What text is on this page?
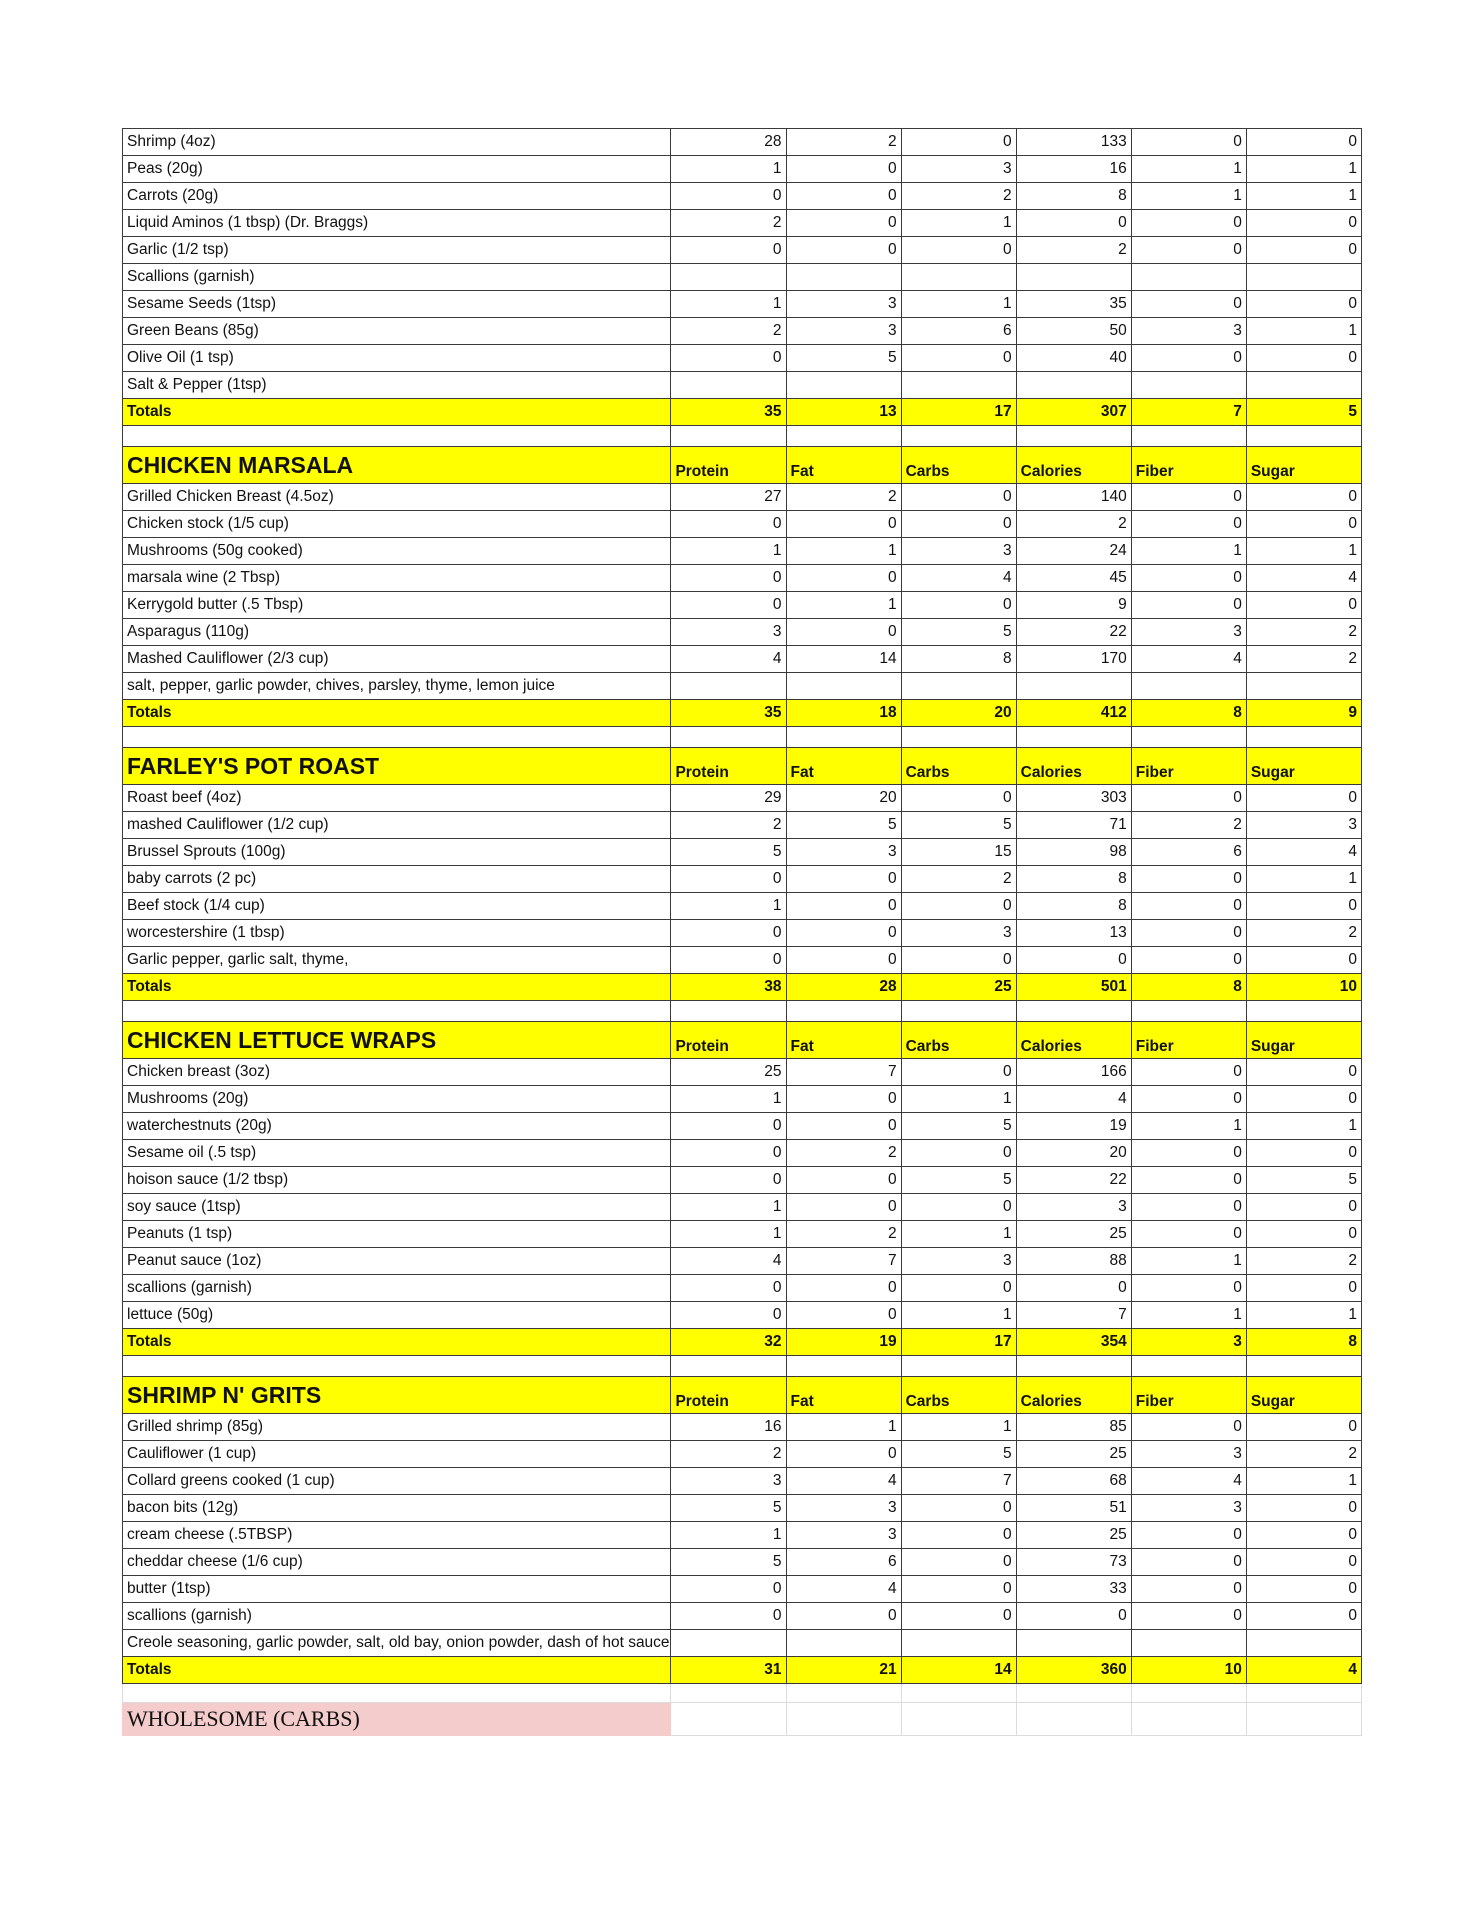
Shrimp (4oz)	28	2	0	133	0	0
Peas (20g)	1	0	3	16	1	1
Carrots (20g)	0	0	2	8	1	1
Liquid Aminos (1 tbsp) (Dr. Braggs)	2	0	1	0	0	0
Garlic (1/2 tsp)	0	0	0	2	0	0
Scallions (garnish)						
Sesame Seeds (1tsp)	1	3	1	35	0	0
Green Beans (85g)	2	3	6	50	3	1
Olive Oil (1 tsp)	0	5	0	40	0	0
Salt & Pepper (1tsp)						
Totals	35	13	17	307	7	5

CHICKEN MARSALA	Protein	Fat	Carbs	Calories	Fiber	Sugar
Grilled Chicken Breast (4.5oz)	27	2	0	140	0	0
Chicken stock (1/5 cup)	0	0	0	2	0	0
Mushrooms (50g cooked)	1	1	3	24	1	1
marsala wine (2 Tbsp)	0	0	4	45	0	4
Kerrygold butter (.5 Tbsp)	0	1	0	9	0	0
Asparagus (110g)	3	0	5	22	3	2
Mashed Cauliflower (2/3 cup)	4	14	8	170	4	2
salt, pepper, garlic powder, chives, parsley, thyme, lemon juice						
Totals	35	18	20	412	8	9

FARLEY'S POT ROAST	Protein	Fat	Carbs	Calories	Fiber	Sugar
Roast beef (4oz)	29	20	0	303	0	0
mashed Cauliflower (1/2 cup)	2	5	5	71	2	3
Brussel Sprouts (100g)	5	3	15	98	6	4
baby carrots (2 pc)	0	0	2	8	0	1
Beef stock (1/4 cup)	1	0	0	8	0	0
worcestershire (1 tbsp)	0	0	3	13	0	2
Garlic pepper, garlic salt, thyme,	0	0	0	0	0	0
Totals	38	28	25	501	8	10

CHICKEN LETTUCE WRAPS	Protein	Fat	Carbs	Calories	Fiber	Sugar
Chicken breast (3oz)	25	7	0	166	0	0
Mushrooms (20g)	1	0	1	4	0	0
waterchestnuts (20g)	0	0	5	19	1	1
Sesame oil (.5 tsp)	0	2	0	20	0	0
hoison sauce (1/2 tbsp)	0	0	5	22	0	5
soy sauce (1tsp)	1	0	0	3	0	0
Peanuts (1 tsp)	1	2	1	25	0	0
Peanut sauce (1oz)	4	7	3	88	1	2
scallions (garnish)	0	0	0	0	0	0
lettuce (50g)	0	0	1	7	1	1
Totals	32	19	17	354	3	8

SHRIMP N' GRITS	Protein	Fat	Carbs	Calories	Fiber	Sugar
Grilled shrimp (85g)	16	1	1	85	0	0
Cauliflower (1 cup)	2	0	5	25	3	2
Collard greens cooked (1 cup)	3	4	7	68	4	1
bacon bits (12g)	5	3	0	51	3	0
cream cheese (.5TBSP)	1	3	0	25	0	0
cheddar cheese (1/6 cup)	5	6	0	73	0	0
butter (1tsp)	0	4	0	33	0	0
scallions (garnish)	0	0	0	0	0	0
Creole seasoning, garlic powder, salt, old bay, onion powder, dash of hot sauce						
Totals	31	21	14	360	10	4

WHOLESOME (CARBS)						
